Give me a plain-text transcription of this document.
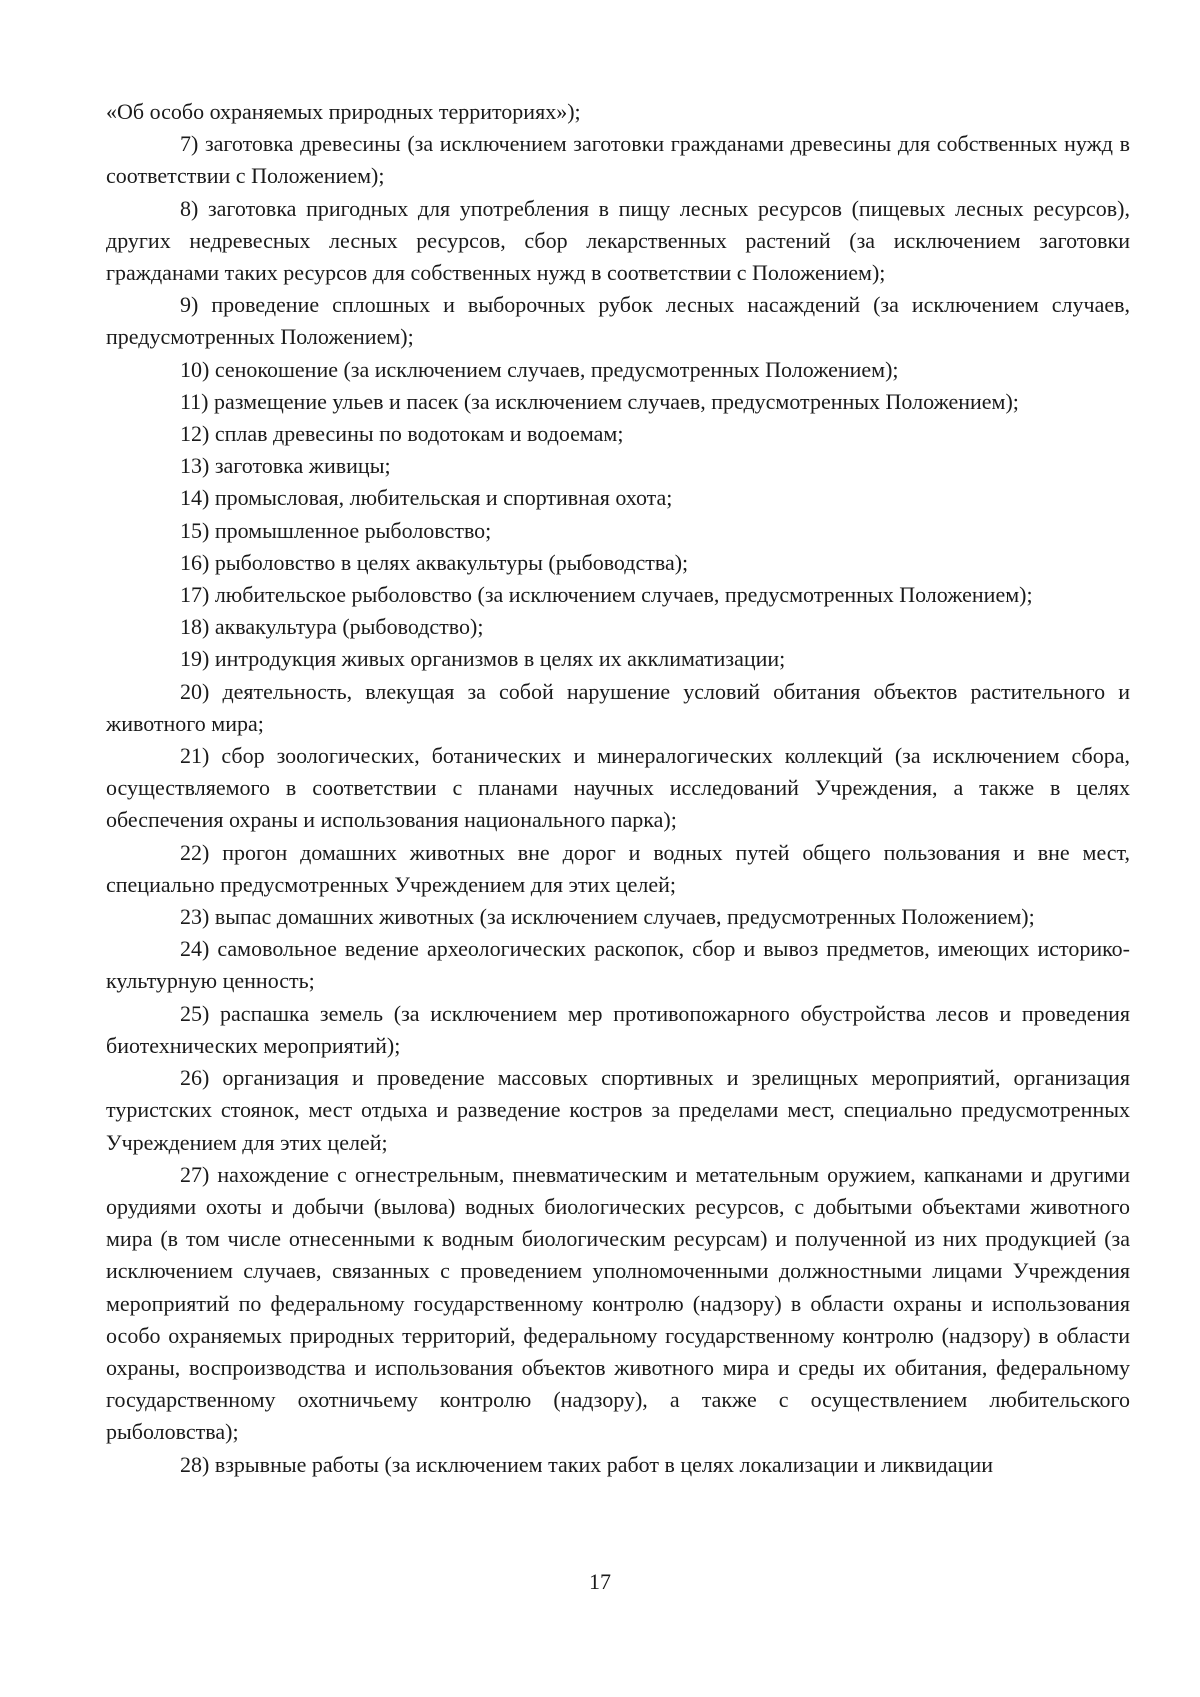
«Об особо охраняемых природных территориях»);

7) заготовка древесины (за исключением заготовки гражданами древесины для собственных нужд в соответствии с Положением);

8) заготовка пригодных для употребления в пищу лесных ресурсов (пищевых лесных ресурсов), других недревесных лесных ресурсов, сбор лекарственных растений (за исключением заготовки гражданами таких ресурсов для собственных нужд в соответствии с Положением);

9) проведение сплошных и выборочных рубок лесных насаждений (за исключением случаев, предусмотренных Положением);

10) сенокошение (за исключением случаев, предусмотренных Положением);

11) размещение ульев и пасек (за исключением случаев, предусмотренных Положением);

12) сплав древесины по водотокам и водоемам;

13) заготовка живицы;

14) промысловая, любительская и спортивная охота;

15) промышленное рыболовство;

16) рыболовство в целях аквакультуры (рыбоводства);

17) любительское рыболовство (за исключением случаев, предусмотренных Положением);

18) аквакультура (рыбоводство);

19) интродукция живых организмов в целях их акклиматизации;

20) деятельность, влекущая за собой нарушение условий обитания объектов растительного и животного мира;

21) сбор зоологических, ботанических и минералогических коллекций (за исключением сбора, осуществляемого в соответствии с планами научных исследований Учреждения, а также в целях обеспечения охраны и использования национального парка);

22) прогон домашних животных вне дорог и водных путей общего пользования и вне мест, специально предусмотренных Учреждением для этих целей;

23) выпас домашних животных (за исключением случаев, предусмотренных Положением);

24) самовольное ведение археологических раскопок, сбор и вывоз предметов, имеющих историко-культурную ценность;

25) распашка земель (за исключением мер противопожарного обустройства лесов и проведения биотехнических мероприятий);

26) организация и проведение массовых спортивных и зрелищных мероприятий, организация туристских стоянок, мест отдыха и разведение костров за пределами мест, специально предусмотренных Учреждением для этих целей;

27) нахождение с огнестрельным, пневматическим и метательным оружием, капканами и другими орудиями охоты и добычи (вылова) водных биологических ресурсов, с добытыми объектами животного мира (в том числе отнесенными к водным биологическим ресурсам) и полученной из них продукцией (за исключением случаев, связанных с проведением уполномоченными должностными лицами Учреждения мероприятий по федеральному государственному контролю (надзору) в области охраны и использования особо охраняемых природных территорий, федеральному государственному контролю (надзору) в области охраны, воспроизводства и использования объектов животного мира и среды их обитания, федеральному государственному охотничьему контролю (надзору), а также с осуществлением любительского рыболовства);

28) взрывные работы (за исключением таких работ в целях локализации и ликвидации

17
